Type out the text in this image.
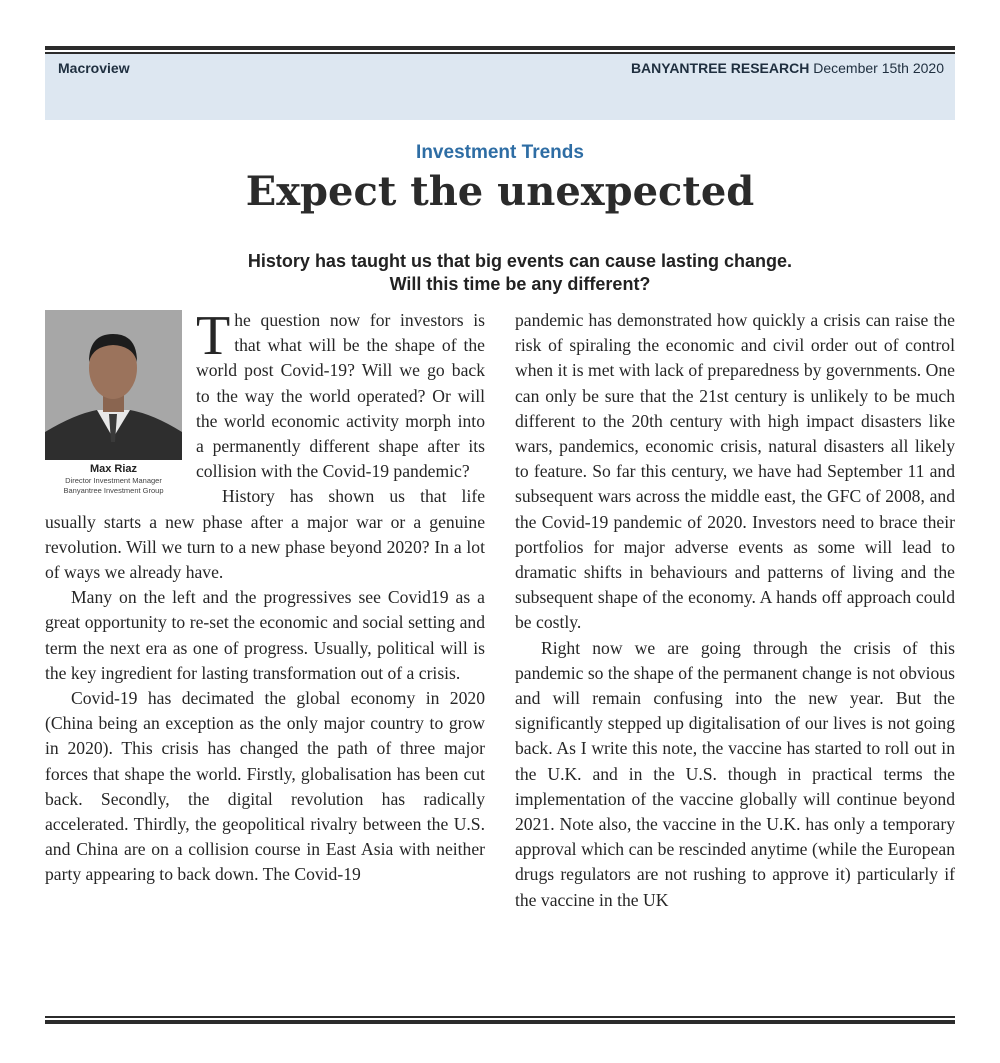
Macroview	BANYANTREE RESEARCH December 15th 2020
Investment Trends
Expect the unexpected
History has taught us that big events can cause lasting change.
Will this time be any different?
Max Riaz
Director Investment Manager
Banyantree Investment Group
T he question now for investors is that what will be the shape of the world post Covid-19? Will we go back to the way the world operated? Or will the world economic activity morph into a permanently different shape after its collision with the Covid-19 pandemic?

History has shown us that life usually starts a new phase after a major war or a genuine revolution. Will we turn to a new phase beyond 2020? In a lot of ways we already have.

Many on the left and the progressives see Covid19 as a great opportunity to re-set the economic and social setting and term the next era as one of progress. Usually, political will is the key ingredient for lasting transformation out of a crisis.

Covid-19 has decimated the global economy in 2020 (China being an exception as the only major country to grow in 2020). This crisis has changed the path of three major forces that shape the world. Firstly, globalisation has been cut back. Secondly, the digital revolution has radically accelerated. Thirdly, the geopolitical rivalry between the U.S. and China are on a collision course in East Asia with neither party appearing to back down. The Covid-19

pandemic has demonstrated how quickly a crisis can raise the risk of spiraling the economic and civil order out of control when it is met with lack of preparedness by governments. One can only be sure that the 21st century is unlikely to be much different to the 20th century with high impact disasters like wars, pandemics, economic crisis, natural disasters all likely to feature. So far this century, we have had September 11 and subsequent wars across the middle east, the GFC of 2008, and the Covid-19 pandemic of 2020. Investors need to brace their portfolios for major adverse events as some will lead to dramatic shifts in behaviours and patterns of living and the subsequent shape of the economy. A hands off approach could be costly.

Right now we are going through the crisis of this pandemic so the shape of the permanent change is not obvious and will remain confusing into the new year. But the significantly stepped up digitalisation of our lives is not going back. As I write this note, the vaccine has started to roll out in the U.K. and in the U.S. though in practical terms the implementation of the vaccine globally will continue beyond 2021. Note also, the vaccine in the U.K. has only a temporary approval which can be rescinded anytime (while the European drugs regulators are not rushing to approve it) particularly if the vaccine in the UK
